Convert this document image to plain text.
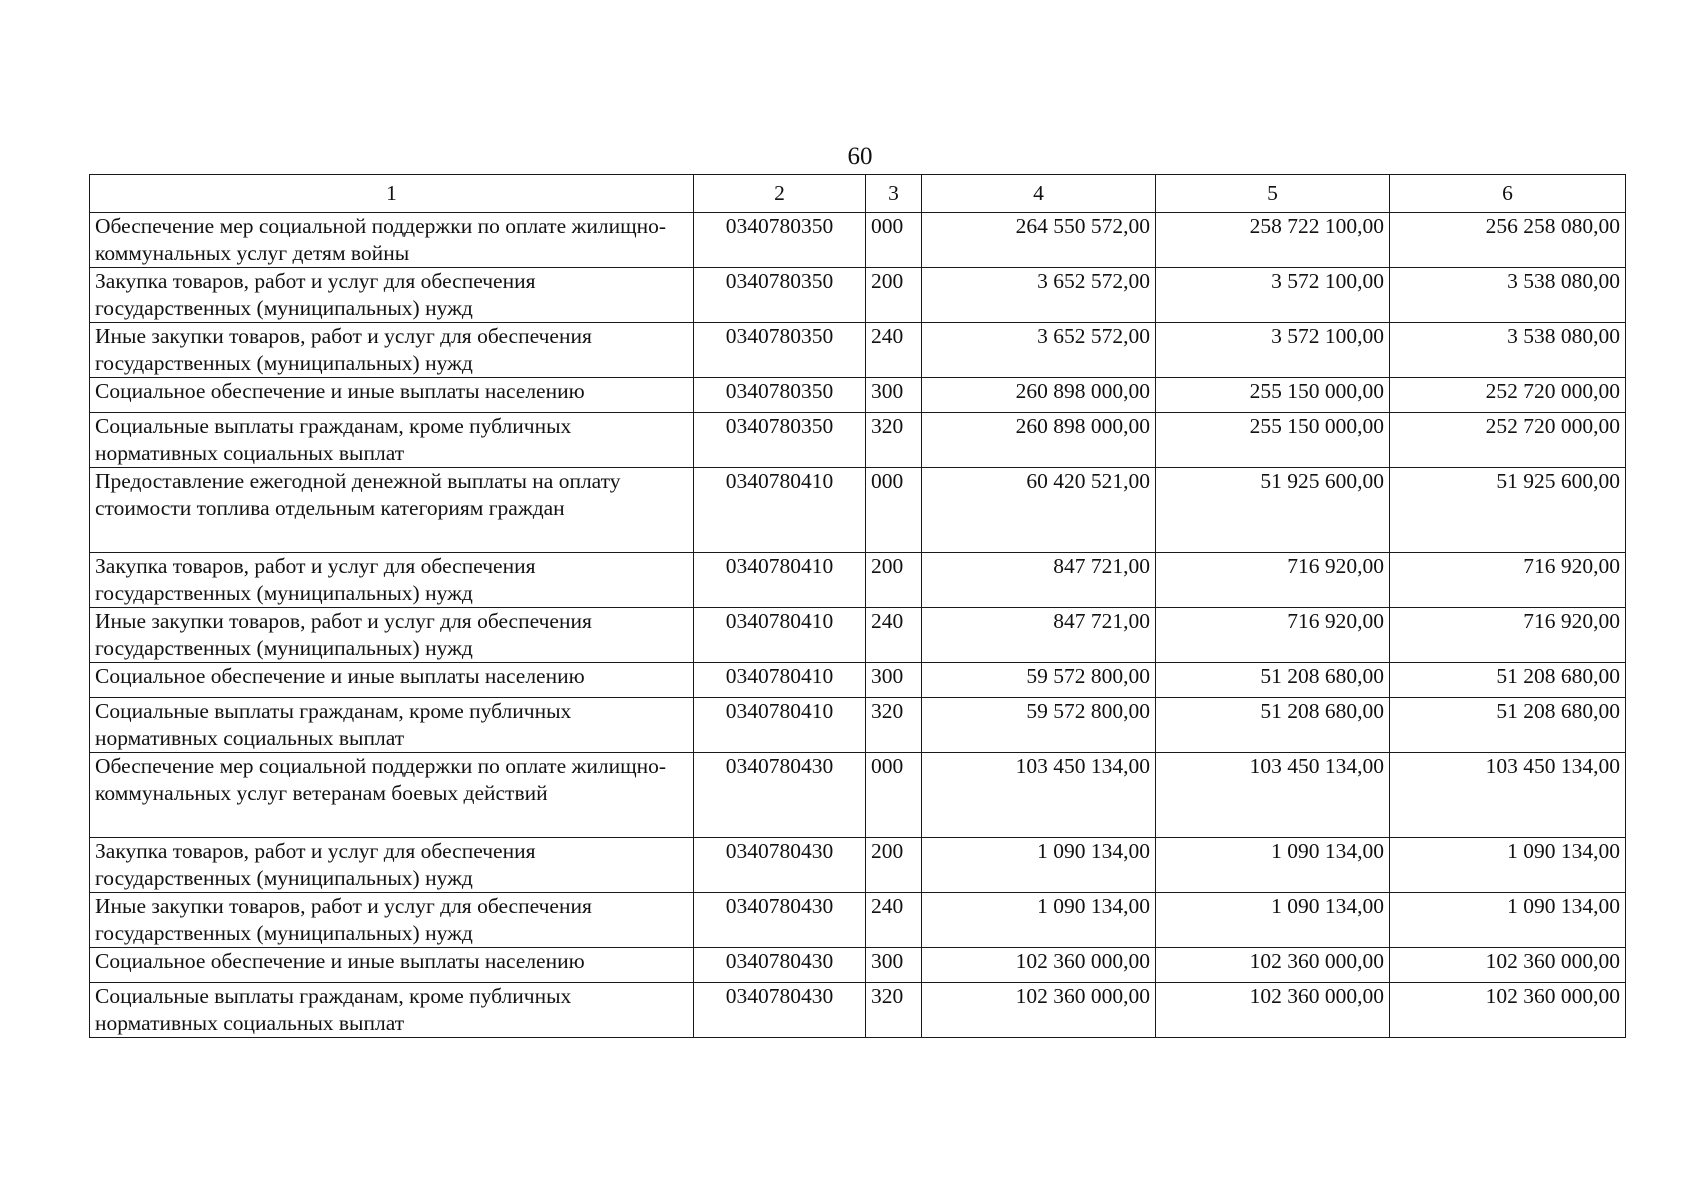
60
1	2	3	4	5	6
Обеспечение мер социальной поддержки по оплате жилищно-коммунальных услуг детям войны	0340780350	000	264 550 572,00	258 722 100,00	256 258 080,00
Закупка товаров, работ и услуг для обеспечения государственных (муниципальных) нужд	0340780350	200	3 652 572,00	3 572 100,00	3 538 080,00
Иные закупки товаров, работ и услуг для обеспечения государственных (муниципальных) нужд	0340780350	240	3 652 572,00	3 572 100,00	3 538 080,00
Социальное обеспечение и иные выплаты населению	0340780350	300	260 898 000,00	255 150 000,00	252 720 000,00
Социальные выплаты гражданам, кроме публичных нормативных социальных выплат	0340780350	320	260 898 000,00	255 150 000,00	252 720 000,00
Предоставление ежегодной денежной выплаты на оплату стоимости топлива отдельным категориям граждан	0340780410	000	60 420 521,00	51 925 600,00	51 925 600,00
Закупка товаров, работ и услуг для обеспечения государственных (муниципальных) нужд	0340780410	200	847 721,00	716 920,00	716 920,00
Иные закупки товаров, работ и услуг для обеспечения государственных (муниципальных) нужд	0340780410	240	847 721,00	716 920,00	716 920,00
Социальное обеспечение и иные выплаты населению	0340780410	300	59 572 800,00	51 208 680,00	51 208 680,00
Социальные выплаты гражданам, кроме публичных нормативных социальных выплат	0340780410	320	59 572 800,00	51 208 680,00	51 208 680,00
Обеспечение мер социальной поддержки по оплате жилищно-коммунальных услуг ветеранам боевых действий	0340780430	000	103 450 134,00	103 450 134,00	103 450 134,00
Закупка товаров, работ и услуг для обеспечения государственных (муниципальных) нужд	0340780430	200	1 090 134,00	1 090 134,00	1 090 134,00
Иные закупки товаров, работ и услуг для обеспечения государственных (муниципальных) нужд	0340780430	240	1 090 134,00	1 090 134,00	1 090 134,00
Социальное обеспечение и иные выплаты населению	0340780430	300	102 360 000,00	102 360 000,00	102 360 000,00
Социальные выплаты гражданам, кроме публичных нормативных социальных выплат	0340780430	320	102 360 000,00	102 360 000,00	102 360 000,00
